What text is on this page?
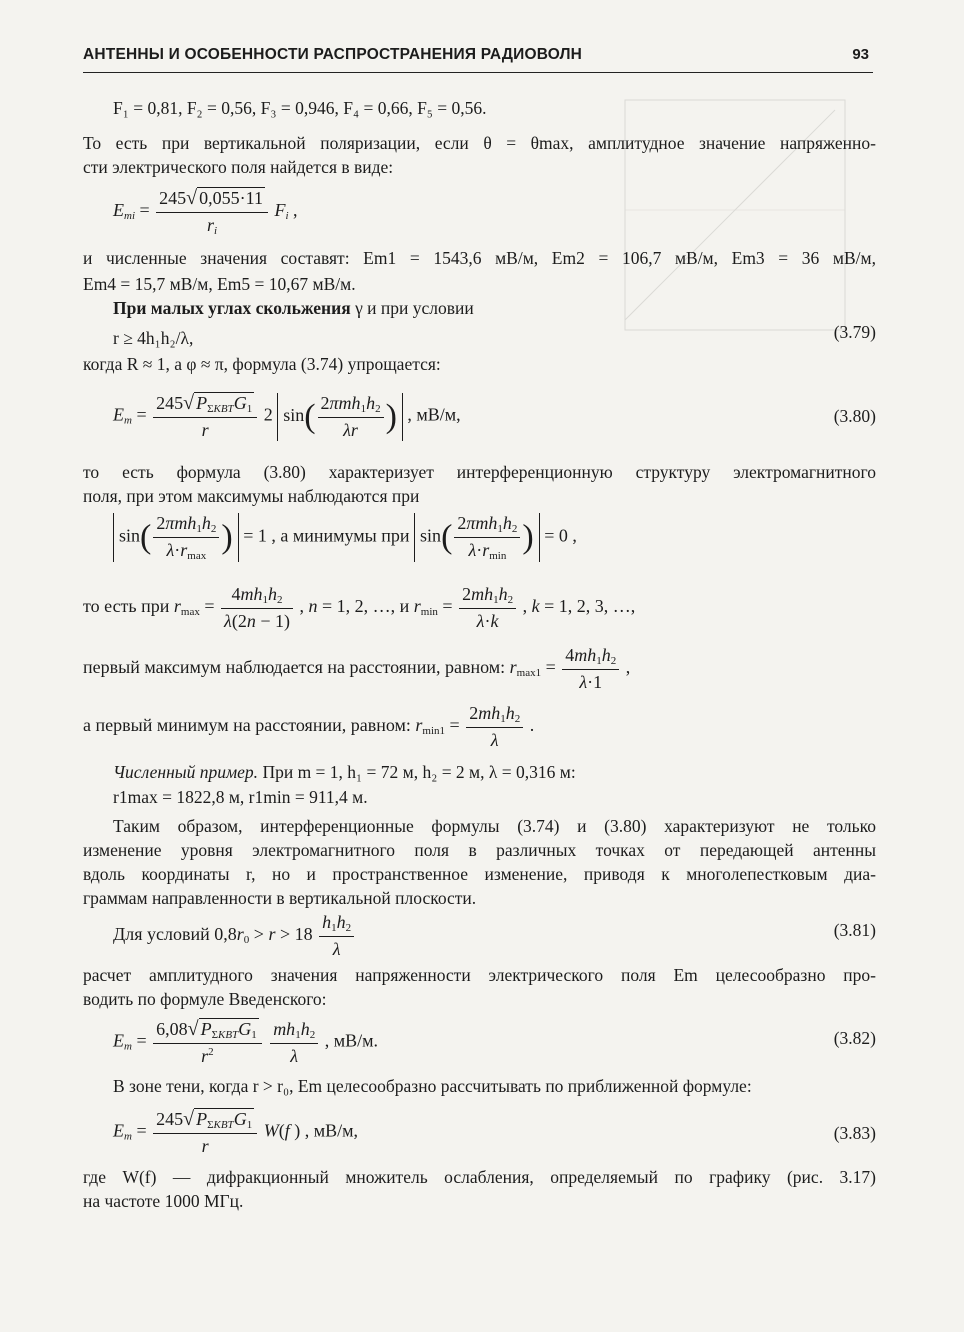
АНТЕННЫ И ОСОБЕННОСТИ РАСПРОСТРАНЕНИЯ РАДИОВОЛН	93
F₁ = 0,81, F₂ = 0,56, F₃ = 0,946, F₄ = 0,66, F₅ = 0,56.
То есть при вертикальной поляризации, если θ = θmax, амплитудное значение напряженно-
сти электрического поля найдется в виде:
$E_{mi} = \frac{245√ 0,055\cdot 11}{r_i} F_i$ ,
и численные значения составят: Em1 = 1543,6 мВ/м, Em2 = 106,7 мВ/м, Em3 = 36 мВ/м,
Em4 = 15,7 мВ/м, Em5 = 10,67 мВ/м.
При малых углах скольжения γ и при условии
r ≥ 4h₁h₂/λ,	(3.79)
когда R ≈ 1, а φ ≈ π, формула (3.74) упрощается:
$E_m = \frac{245√ P_{\Sigma KBT}G_1}{r} 2$ $\sin( \frac{2\pi mh_1h_2}{\lambda r}$ ) , мВ/м,	(3.80)
то есть формула (3.80) характеризует интерференционную структуру электромагнитного
поля, при этом максимумы наблюдаются при
$\sin( \frac{2\pi mh_1h_2}{\lambda\cdot r_{max}}$ ) = 1 , а минимумы при $\sin( \frac{2\pi mh_1h_2}{\lambda\cdot r_{min}}$ ) = 0 ,
то есть при $r_{max} = \frac{4mh_1h_2}{\lambda(2n - 1)}$ , n = 1, 2, …, и $r_{min} = \frac{2mh_1h_2}{\lambda\cdot k}$ , k = 1, 2, 3, …,
первый максимум наблюдается на расстоянии, равном: $r_{max1} = \frac{4mh_1h_2}{\lambda\cdot 1}$ ,
а первый минимум на расстоянии, равном: $r_{min1} = \frac{2mh_1h_2}{\lambda}$ .
Численный пример. При m = 1, h₁ = 72 м, h₂ = 2 м, λ = 0,316 м:
r1max = 1822,8 м, r1min = 911,4 м.
Таким образом, интерференционные формулы (3.74) и (3.80) характеризуют не только
изменение уровня электромагнитного поля в различных точках от передающей антенны
вдоль координаты r, но и пространственное изменение, приводя к многолепестковым диа-
граммам направленности в вертикальной плоскости.
Для условий $0,8r_0 > r > 18 \frac{h_1h_2}{\lambda}$	(3.81)
расчет амплитудного значения напряженности электрического поля Em целесообразно про-
водить по формуле Введенского:
$E_m = \frac{6,08√ P_{\Sigma KBT}G_1}{r^2}$
$\frac{mh_1h_2}{\lambda}$ , мВ/м.	(3.82)
В зоне тени, когда r > r₀, Em целесообразно рассчитывать по приближенной формуле:
$E_m = \frac{245√ P_{\Sigma KBT}G_1}{r} W(f$ ) , мВ/м,	(3.83)
где W(f) — дифракционный множитель ослабления, определяемый по графику (рис. 3.17)
на частоте 1000 МГц.
